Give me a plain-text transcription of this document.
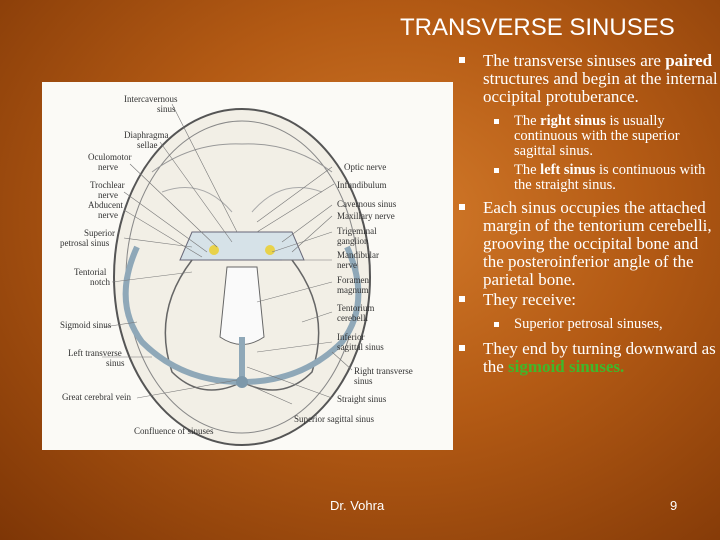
TRANSVERSE SINUSES
Intercavernous sinus
Diaphragma sellae
Oculomotor nerve
Trochlear nerve
Abducent nerve
Superior petrosal sinus
Tentorial notch
Sigmoid sinus
Left transverse sinus
Great cerebral vein
Confluence of sinuses
Optic nerve
Infundibulum
Cavernous sinus
Maxillary nerve
Trigeminal ganglion
Mandibular nerve
Foramen magnum
Tentorium cerebelli
Inferior sagittal sinus
Right transverse sinus
Straight sinus
Superior sagittal sinus
The transverse sinuses are paired structures and begin at the internal occipital protuberance.
The right sinus is usually continuous with the superior sagittal sinus.
The left sinus is continuous with the straight sinus.
Each sinus occupies the attached margin of the tentorium cerebelli, grooving the occipital bone and the posteroinferior angle of the parietal bone.
They receive:
Superior petrosal sinuses,
They end by turning downward as the sigmoid sinuses.
Dr. Vohra	9
